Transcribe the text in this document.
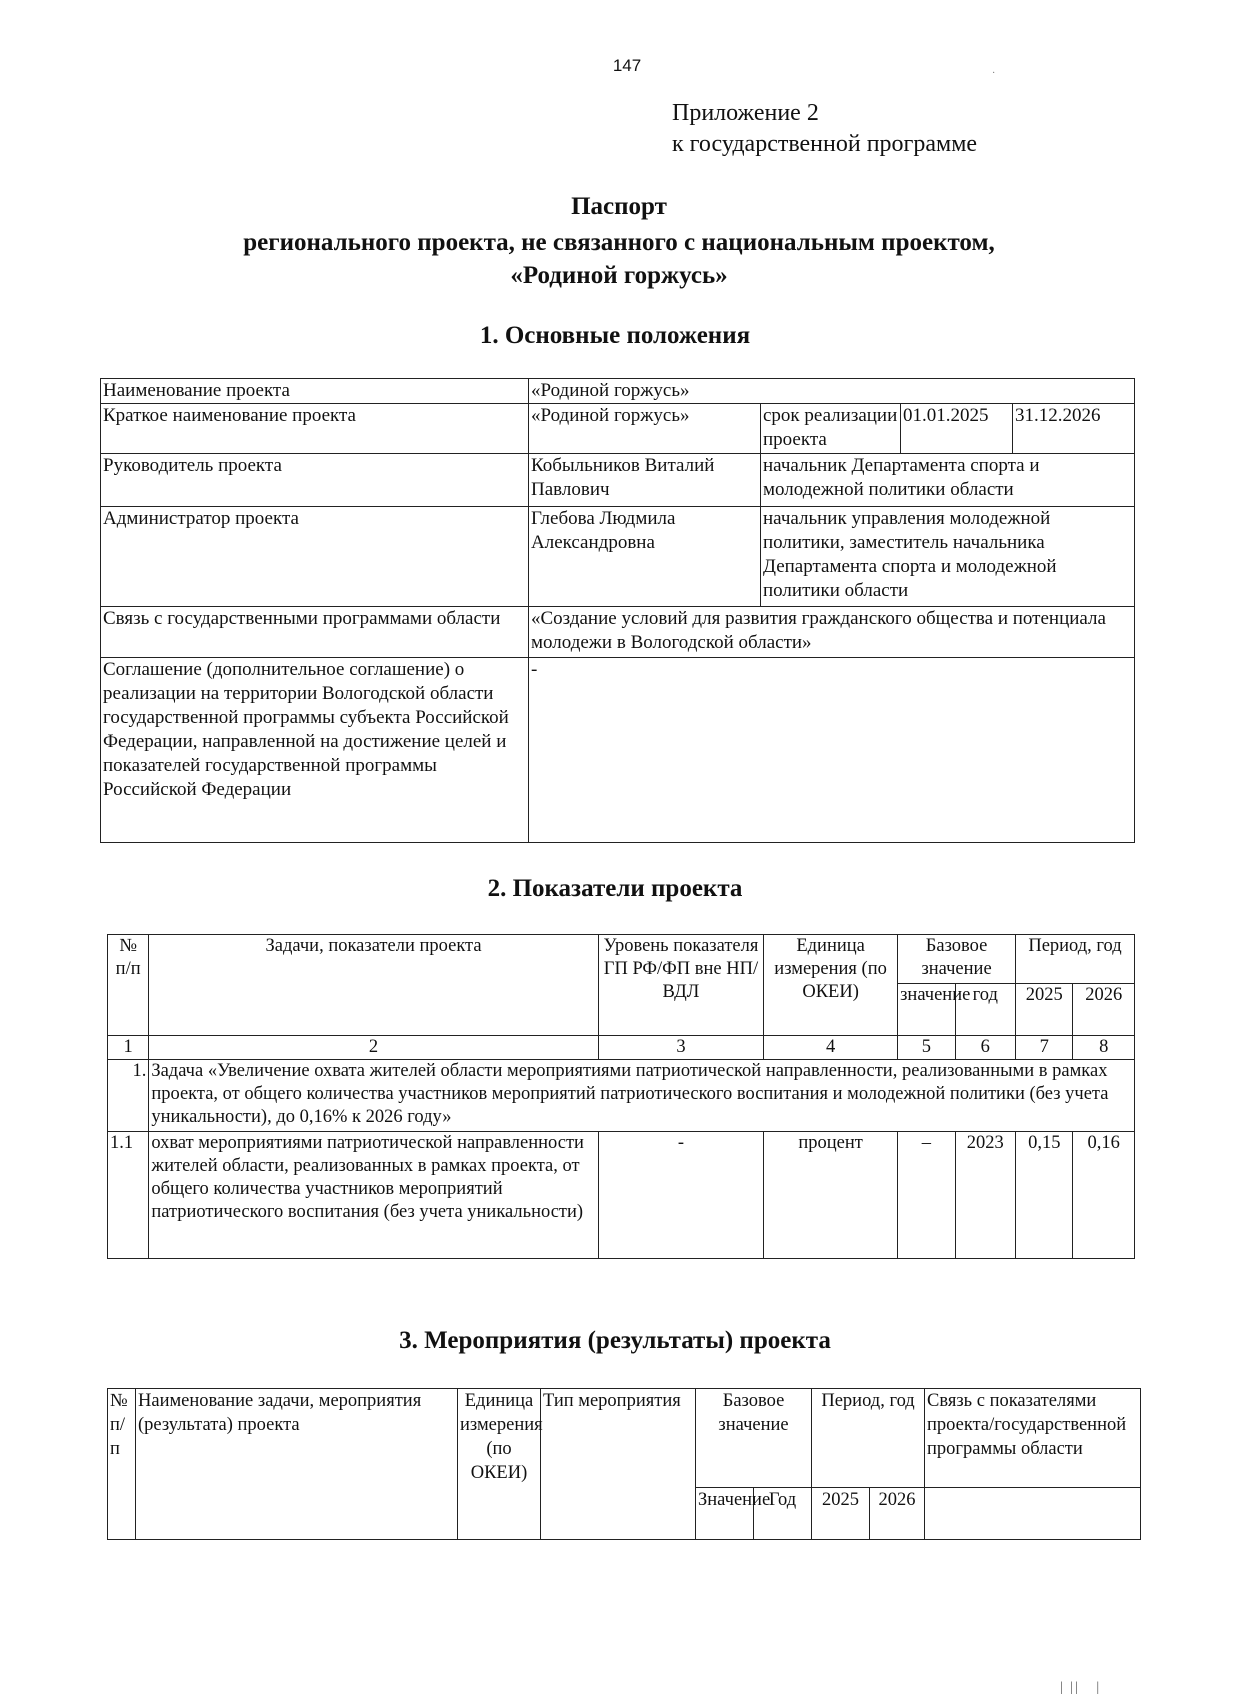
147	·
Приложение 2
к государственной программе
Паспорт
регионального проекта, не связанного с национальным проектом,
«Родиной горжусь»
1. Основные положения
Наименование проекта	«Родиной горжусь»			
Краткое наименование проекта	«Родиной горжусь»	срок реализации проекта	01.01.2025	31.12.2026
Руководитель проекта	Кобыльников Виталий Павлович	начальник Департамента спорта и молодежной политики области		
Администратор проекта	Глебова Людмила Александровна	начальник управления молодежной политики, заместитель начальника Департамента спорта и молодежной политики области		
Связь с государственными программами области	«Создание условий для развития гражданского общества и потенциала молодежи в Вологодской области»			
Соглашение (дополнительное соглашение) о реализации на территории Вологодской области государственной программы субъекта Российской Федерации, направленной на достижение целей и показателей государственной программы Российской Федерации	-			
2. Показатели проекта
№ п/п	Задачи, показатели проекта	Уровень показателя ГП РФ/ФП вне НП/ВДЛ	Единица измерения (по ОКЕИ)	Базовое значение		Период, год	
				значение	год	2025	2026
1	2	3	4	5	6	7	8
1.	Задача «Увеличение охвата жителей области мероприятиями патриотической направленности, реализованными в рамках проекта, от общего количества участников мероприятий патриотического воспитания и молодежной политики (без учета уникальности), до 0,16% к 2026 году»						
1.1	охват мероприятиями патриотической направленности жителей области, реализованных в рамках проекта, от общего количества участников мероприятий патриотического воспитания (без учета уникальности)	-	процент	–	2023	0,15	0,16
3. Мероприятия (результаты) проекта
№ п/п	Наименование задачи, мероприятия (результата) проекта	Единица измерения (по ОКЕИ)	Тип мероприятия	Базовое значение		Период, год		Связь с показателями проекта/государственной программы области
				Значение	Год	2025	2026	
| ||   |
